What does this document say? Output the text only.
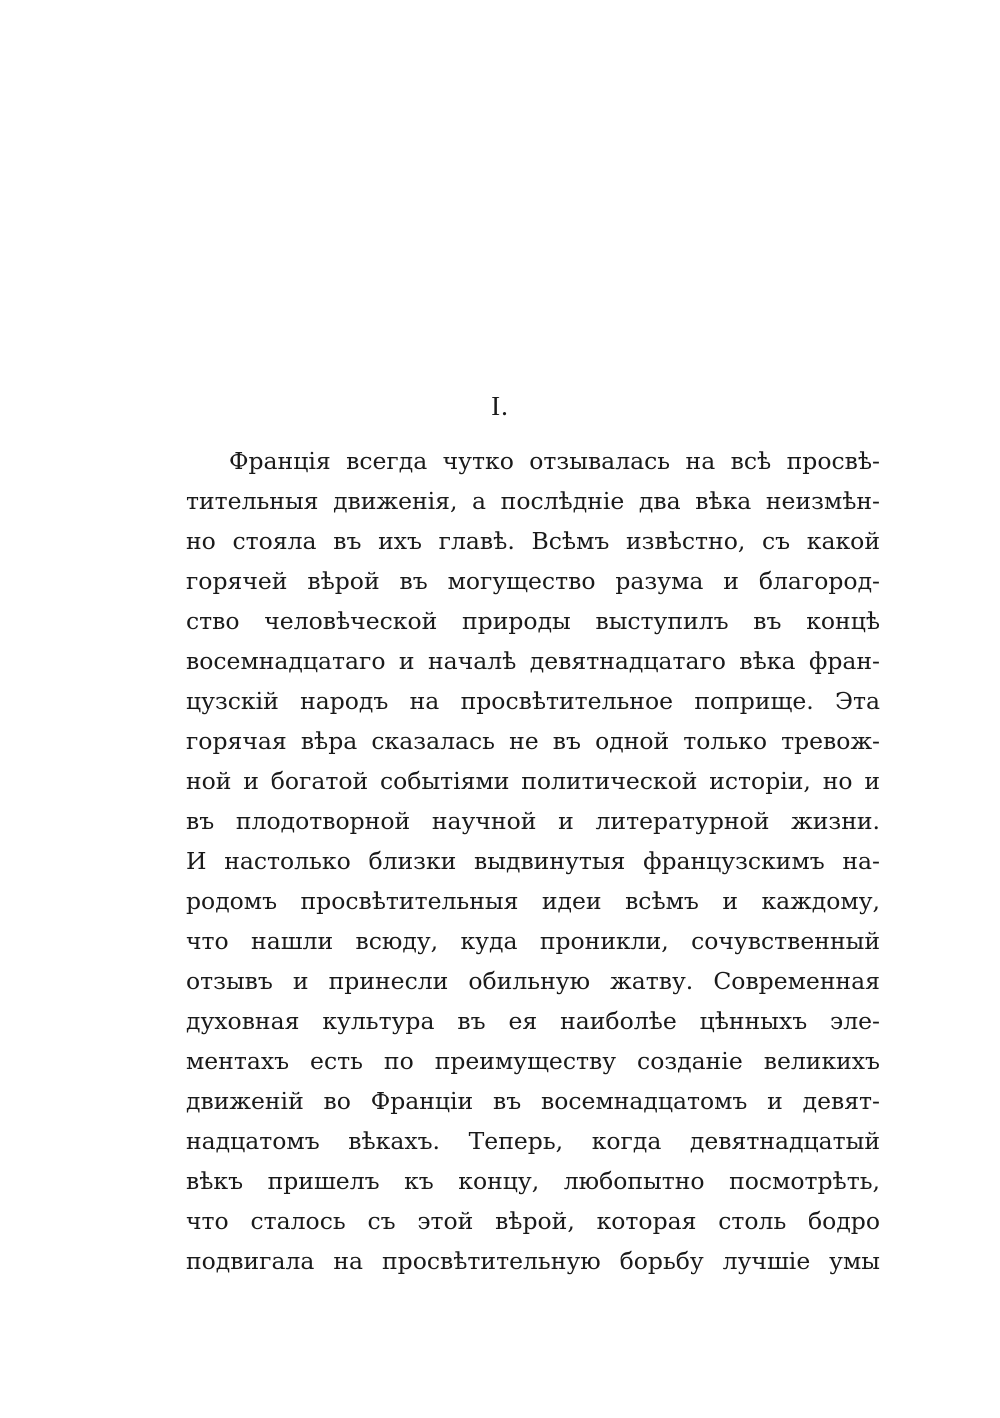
I.
Францiя всегда чутко отзывалась на всѣ просвѣ-
тительныя движенiя, а послѣднiе два вѣка неизмѣн-
но стояла въ ихъ главѣ. Всѣмъ извѣстно, съ какой
горячей вѣрой въ могущество разума и благород-
ство человѣческой природы выступилъ въ концѣ
восемнадцатаго и началѣ девятнадцатаго вѣка фран-
цузскiй народъ на просвѣтительное поприще. Эта
горячая вѣра сказалась не въ одной только тревож-
ной и богатой событiями политической исторiи, но и
въ плодотворной научной и литературной жизни.
И настолько близки выдвинутыя французскимъ на-
родомъ просвѣтительныя идеи всѣмъ и каждому,
что нашли всюду, куда проникли, сочувственный
отзывъ и принесли обильную жатву. Современная
духовная культура въ ея наиболѣе цѣнныхъ эле-
ментахъ есть по преимуществу созданiе великихъ
движенiй во Францiи въ восемнадцатомъ и девят-
надцатомъ вѣкахъ. Теперь, когда девятнадцатый
вѣкъ пришелъ къ концу, любопытно посмотрѣть,
что сталось съ этой вѣрой, которая столь бодро
подвигала на просвѣтительную борьбу лучшiе умы
